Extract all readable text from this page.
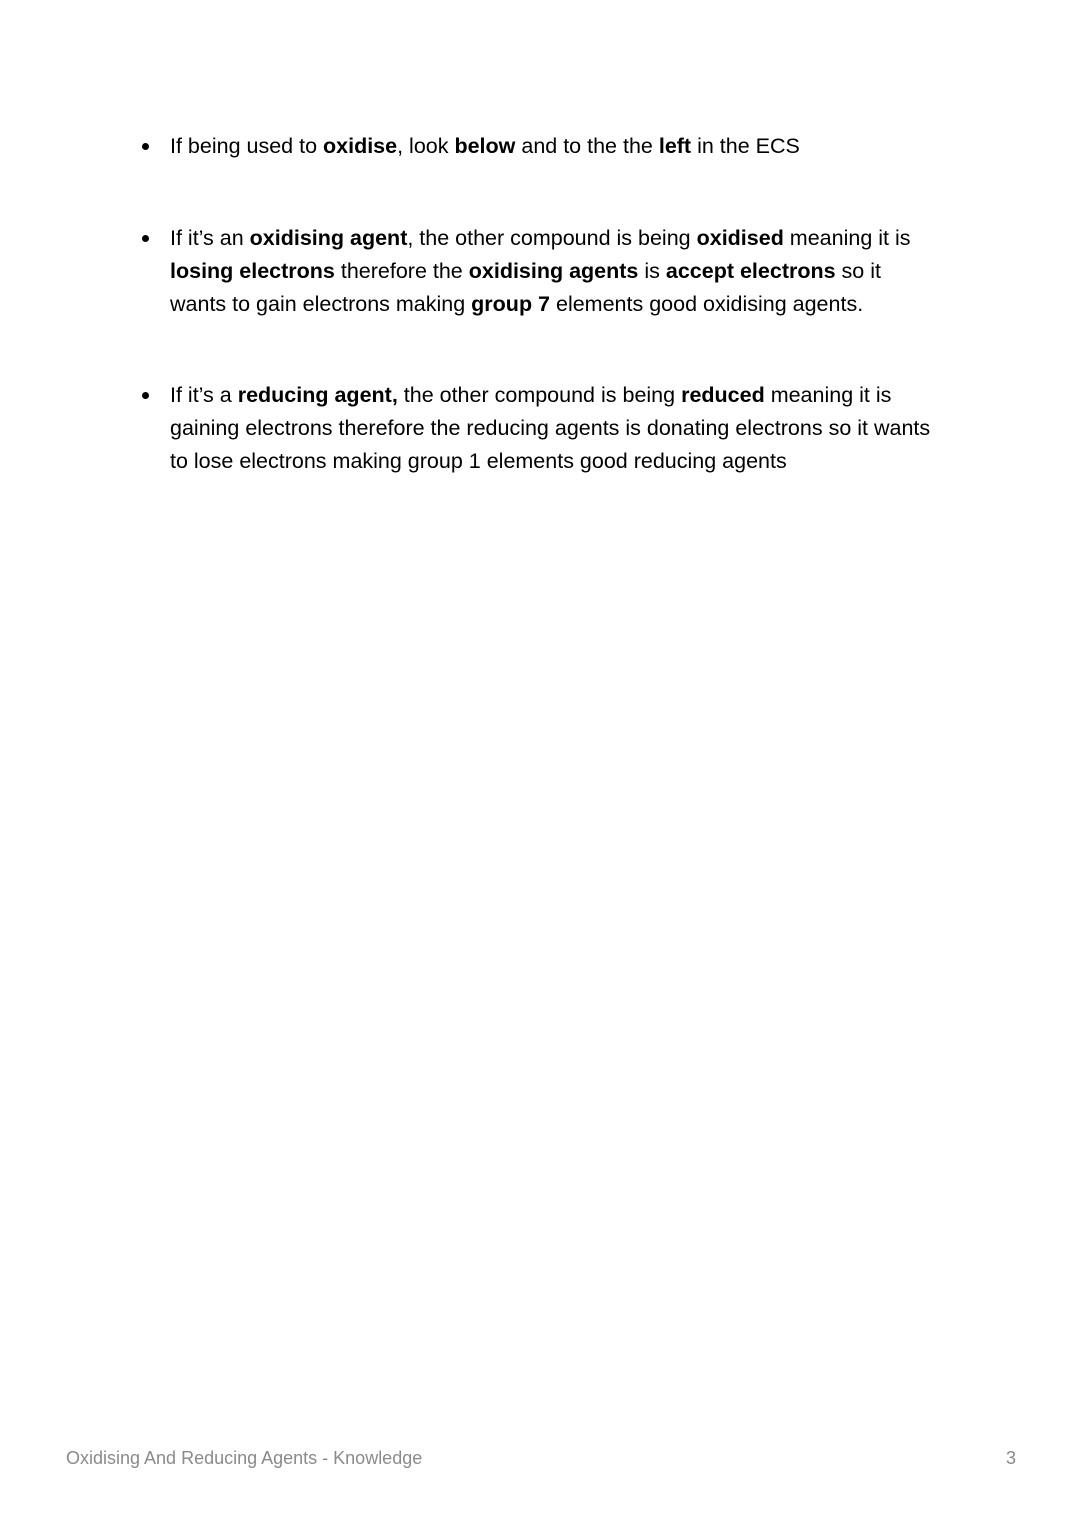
If being used to oxidise, look below and to the the left in the ECS
If it’s an oxidising agent, the other compound is being oxidised meaning it is losing electrons therefore the oxidising agents is accept electrons so it wants to gain electrons making group 7 elements good oxidising agents.
If it’s a reducing agent, the other compound is being reduced meaning it is gaining electrons therefore the reducing agents is donating electrons so it wants to lose electrons making group 1 elements good reducing agents
Oxidising And Reducing Agents - Knowledge	3
